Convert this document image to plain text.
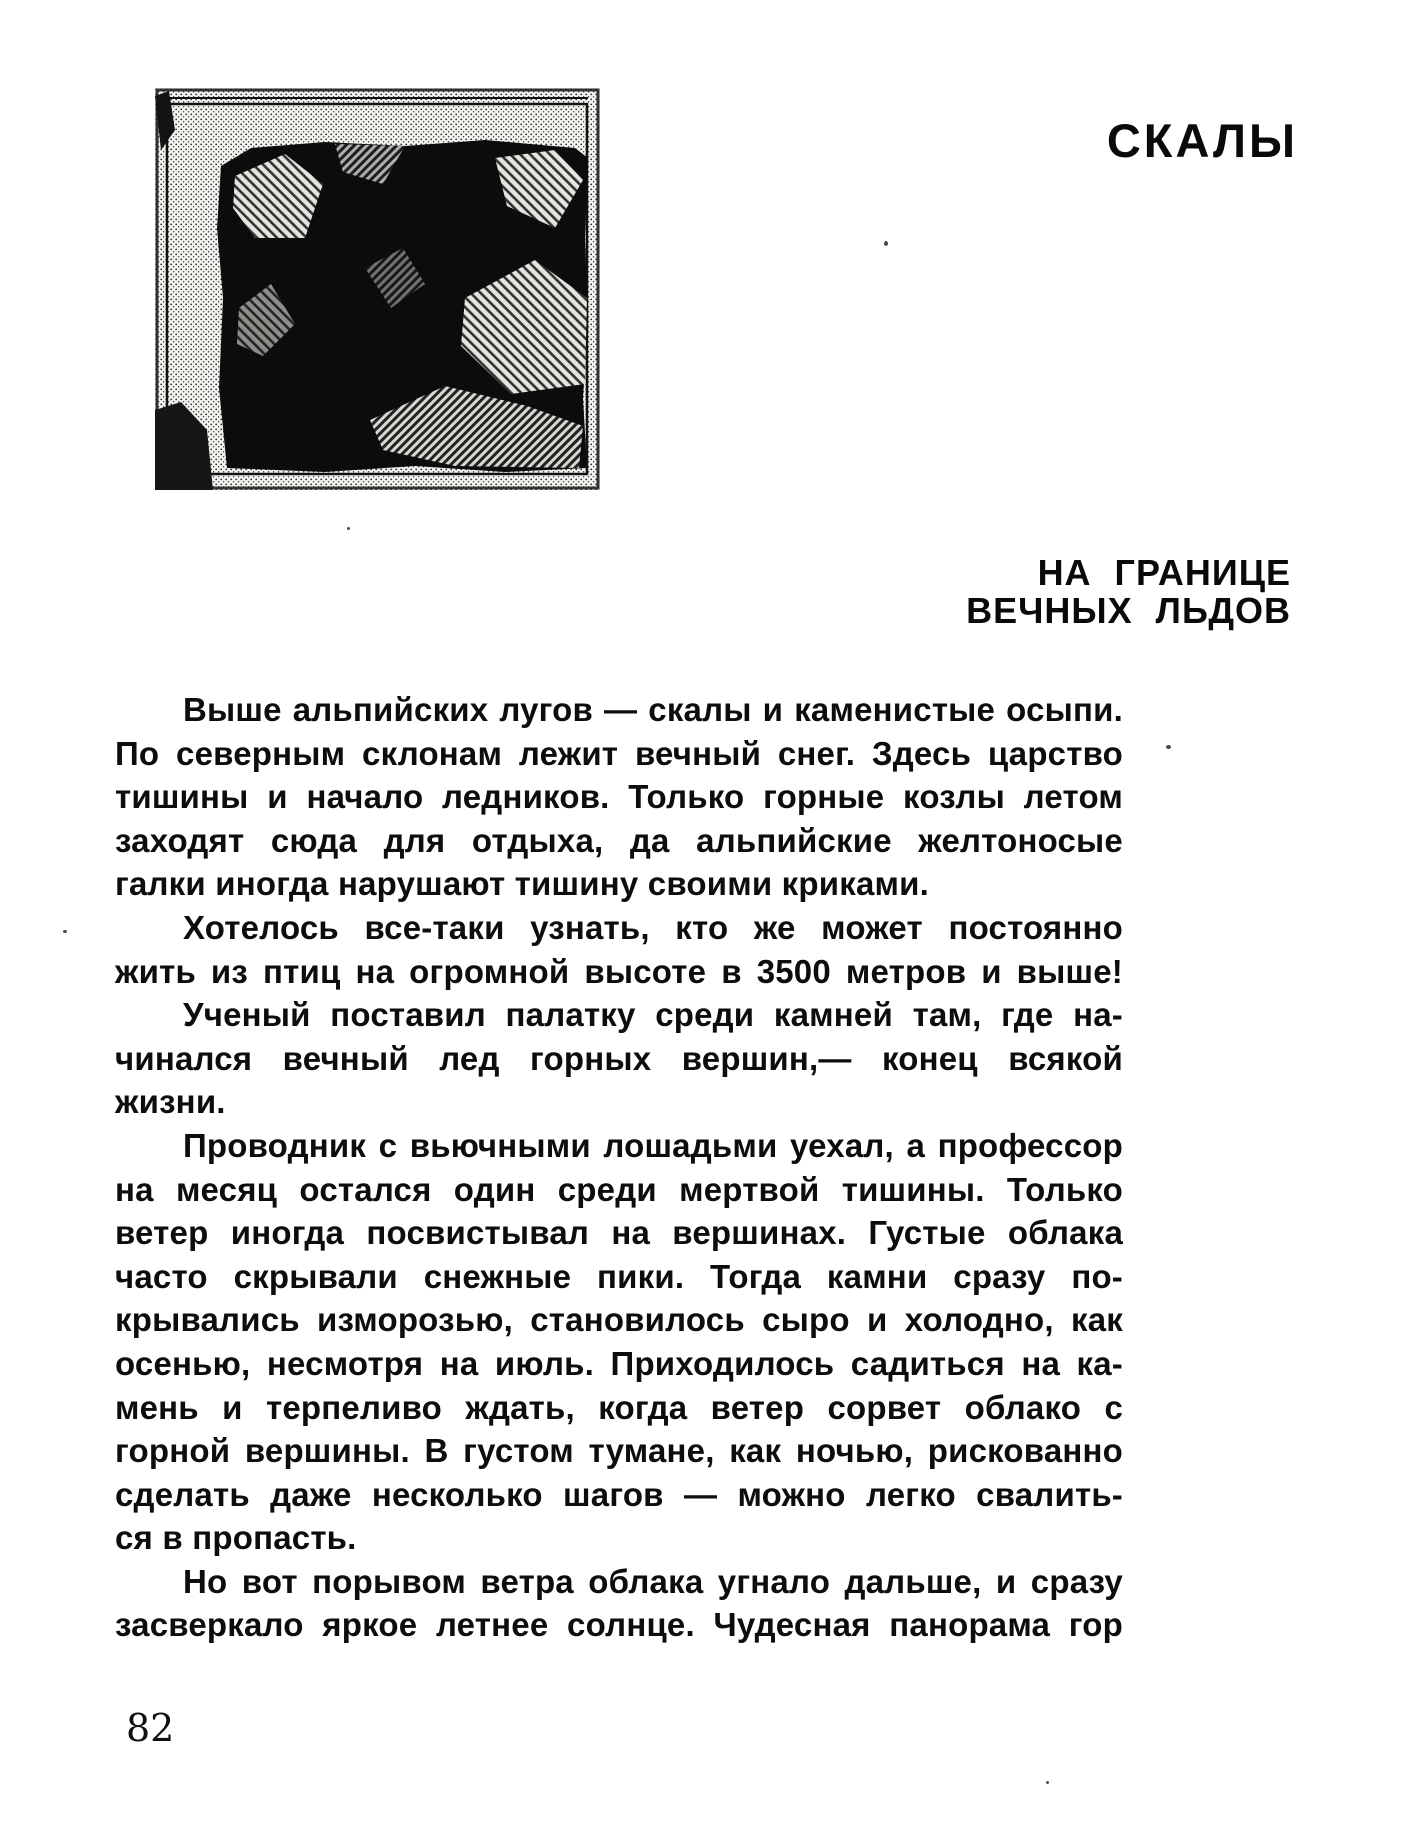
СКАЛЫ
НА ГРАНИЦЕ
ВЕЧНЫХ ЛЬДОВ
Выше альпийских лугов — скалы и каменистые осыпи.
По северным склонам лежит вечный снег. Здесь царство
тишины и начало ледников. Только горные козлы летом
заходят сюда для отдыха, да альпийские желтоносые
галки иногда нарушают тишину своими криками.
Хотелось все-таки узнать, кто же может постоянно
жить из птиц на огромной высоте в 3500 метров и выше!
Ученый поставил палатку среди камней там, где на-
чинался вечный лед горных вершин,— конец всякой
жизни.
Проводник с вьючными лошадьми уехал, а профессор
на месяц остался один среди мертвой тишины. Только
ветер иногда посвистывал на вершинах. Густые облака
часто скрывали снежные пики. Тогда камни сразу по-
крывались изморозью, становилось сыро и холодно, как
осенью, несмотря на июль. Приходилось садиться на ка-
мень и терпеливо ждать, когда ветер сорвет облако с
горной вершины. В густом тумане, как ночью, рискованно
сделать даже несколько шагов — можно легко свалить-
ся в пропасть.
Но вот порывом ветра облака угнало дальше, и сразу
засверкало яркое летнее солнце. Чудесная панорама гор
82
